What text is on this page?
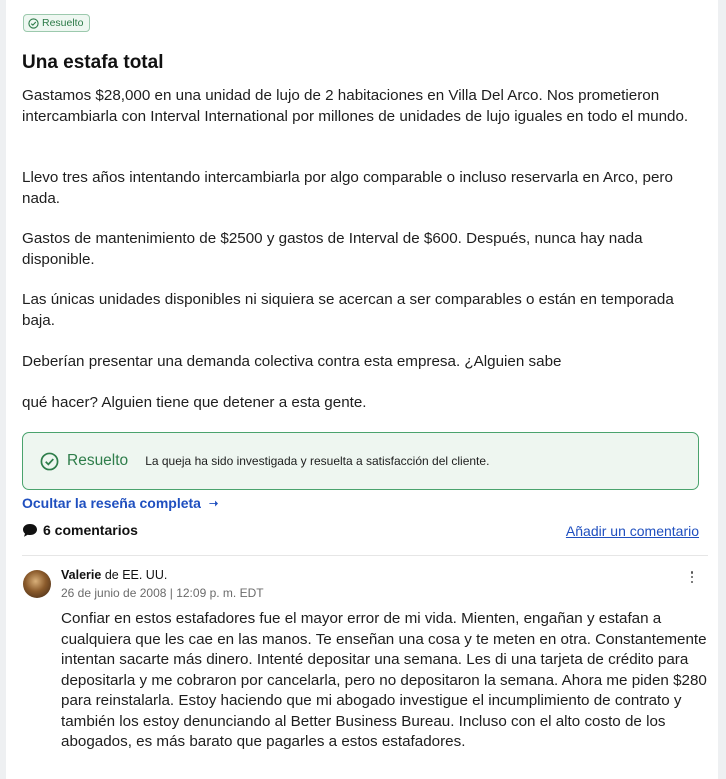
Resuelto
Una estafa total

Gastamos $28,000 en una unidad de lujo de 2 habitaciones en Villa Del Arco. Nos prometieron intercambiarla con Interval International por millones de unidades de lujo iguales en todo el mundo.

Llevo tres años intentando intercambiarla por algo comparable o incluso reservarla en Arco, pero nada.

Gastos de mantenimiento de $2500 y gastos de Interval de $600. Después, nunca hay nada disponible.

Las únicas unidades disponibles ni siquiera se acercan a ser comparables o están en temporada baja.

Deberían presentar una demanda colectiva contra esta empresa. ¿Alguien sabe

qué hacer? Alguien tiene que detener a esta gente.

Resuelto La queja ha sido investigada y resuelta a satisfacción del cliente.
Ocultar la reseña completa ➝
6 comentarios	Añadir un comentario
Valerie de EE. UU.
26 de junio de 2008 | 12:09 p. m. EDT

Confiar en estos estafadores fue el mayor error de mi vida. Mienten, engañan y estafan a cualquiera que les cae en las manos. Te enseñan una cosa y te meten en otra. Constantemente intentan sacarte más dinero. Intenté depositar una semana. Les di una tarjeta de crédito para depositarla y me cobraron por cancelarla, pero no depositaron la semana. Ahora me piden $280 para reinstalarla. Estoy haciendo que mi abogado investigue el incumplimiento de contrato y también los estoy denunciando al Better Business Bureau. Incluso con el alto costo de los abogados, es más barato que pagarles a estos estafadores.
